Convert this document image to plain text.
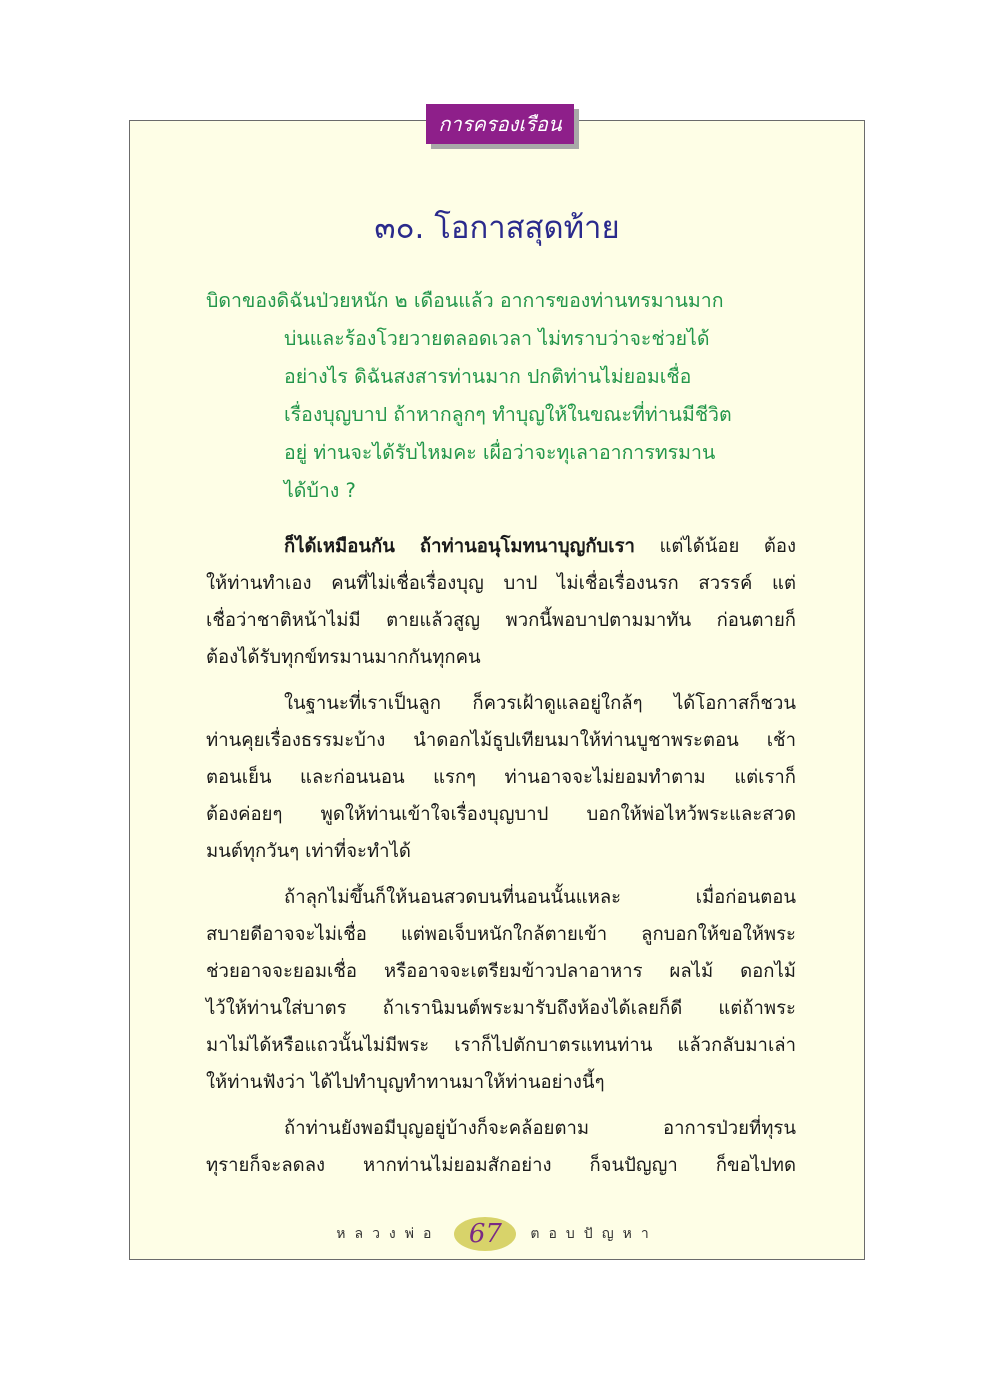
การครองเรือน
๓๐. โอกาสสุดท้าย
บิดาของดิฉันป่วยหนัก ๒ เดือนแล้ว อาการของท่านทรมานมาก
บ่นและร้องโวยวายตลอดเวลา ไม่ทราบว่าจะช่วยได้
อย่างไร ดิฉันสงสารท่านมาก ปกติท่านไม่ยอมเชื่อ
เรื่องบุญบาป ถ้าหากลูกๆ ทำบุญให้ในขณะที่ท่านมีชีวิต
อยู่ ท่านจะได้รับไหมคะ เผื่อว่าจะทุเลาอาการทรมาน
ได้บ้าง ?

ก็ได้เหมือนกัน ถ้าท่านอนุโมทนาบุญกับเรา แต่ได้น้อย ต้อง
ให้ท่านทำเอง คนที่ไม่เชื่อเรื่องบุญ บาป ไม่เชื่อเรื่องนรก สวรรค์ แต่
เชื่อว่าชาติหน้าไม่มี ตายแล้วสูญ พวกนี้พอบาปตามมาทัน ก่อนตายก็
ต้องได้รับทุกข์ทรมานมากกันทุกคน

ในฐานะที่เราเป็นลูก ก็ควรเฝ้าดูแลอยู่ใกล้ๆ ได้โอกาสก็ชวน
ท่านคุยเรื่องธรรมะบ้าง นำดอกไม้ธูปเทียนมาให้ท่านบูชาพระตอน เช้า
ตอนเย็น และก่อนนอน แรกๆ ท่านอาจจะไม่ยอมทำตาม แต่เราก็
ต้องค่อยๆ พูดให้ท่านเข้าใจเรื่องบุญบาป บอกให้พ่อไหว้พระและสวด
มนต์ทุกวันๆ เท่าที่จะทำได้

ถ้าลุกไม่ขึ้นก็ให้นอนสวดบนที่นอนนั้นแหละ เมื่อก่อนตอน
สบายดีอาจจะไม่เชื่อ แต่พอเจ็บหนักใกล้ตายเข้า ลูกบอกให้ขอให้พระ
ช่วยอาจจะยอมเชื่อ หรืออาจจะเตรียมข้าวปลาอาหาร ผลไม้ ดอกไม้
ไว้ให้ท่านใส่บาตร ถ้าเรานิมนต์พระมารับถึงห้องได้เลยก็ดี แต่ถ้าพระ
มาไม่ได้หรือแถวนั้นไม่มีพระ เราก็ไปตักบาตรแทนท่าน แล้วกลับมาเล่า
ให้ท่านฟังว่า ได้ไปทำบุญทำทานมาให้ท่านอย่างนี้ๆ

ถ้าท่านยังพอมีบุญอยู่บ้างก็จะคล้อยตาม อาการป่วยที่ทุรน
ทุรายก็จะลดลง หากท่านไม่ยอมสักอย่าง ก็จนปัญญา ก็ขอไปทด

หลวงพ่อ 67 ตอบปัญหา
